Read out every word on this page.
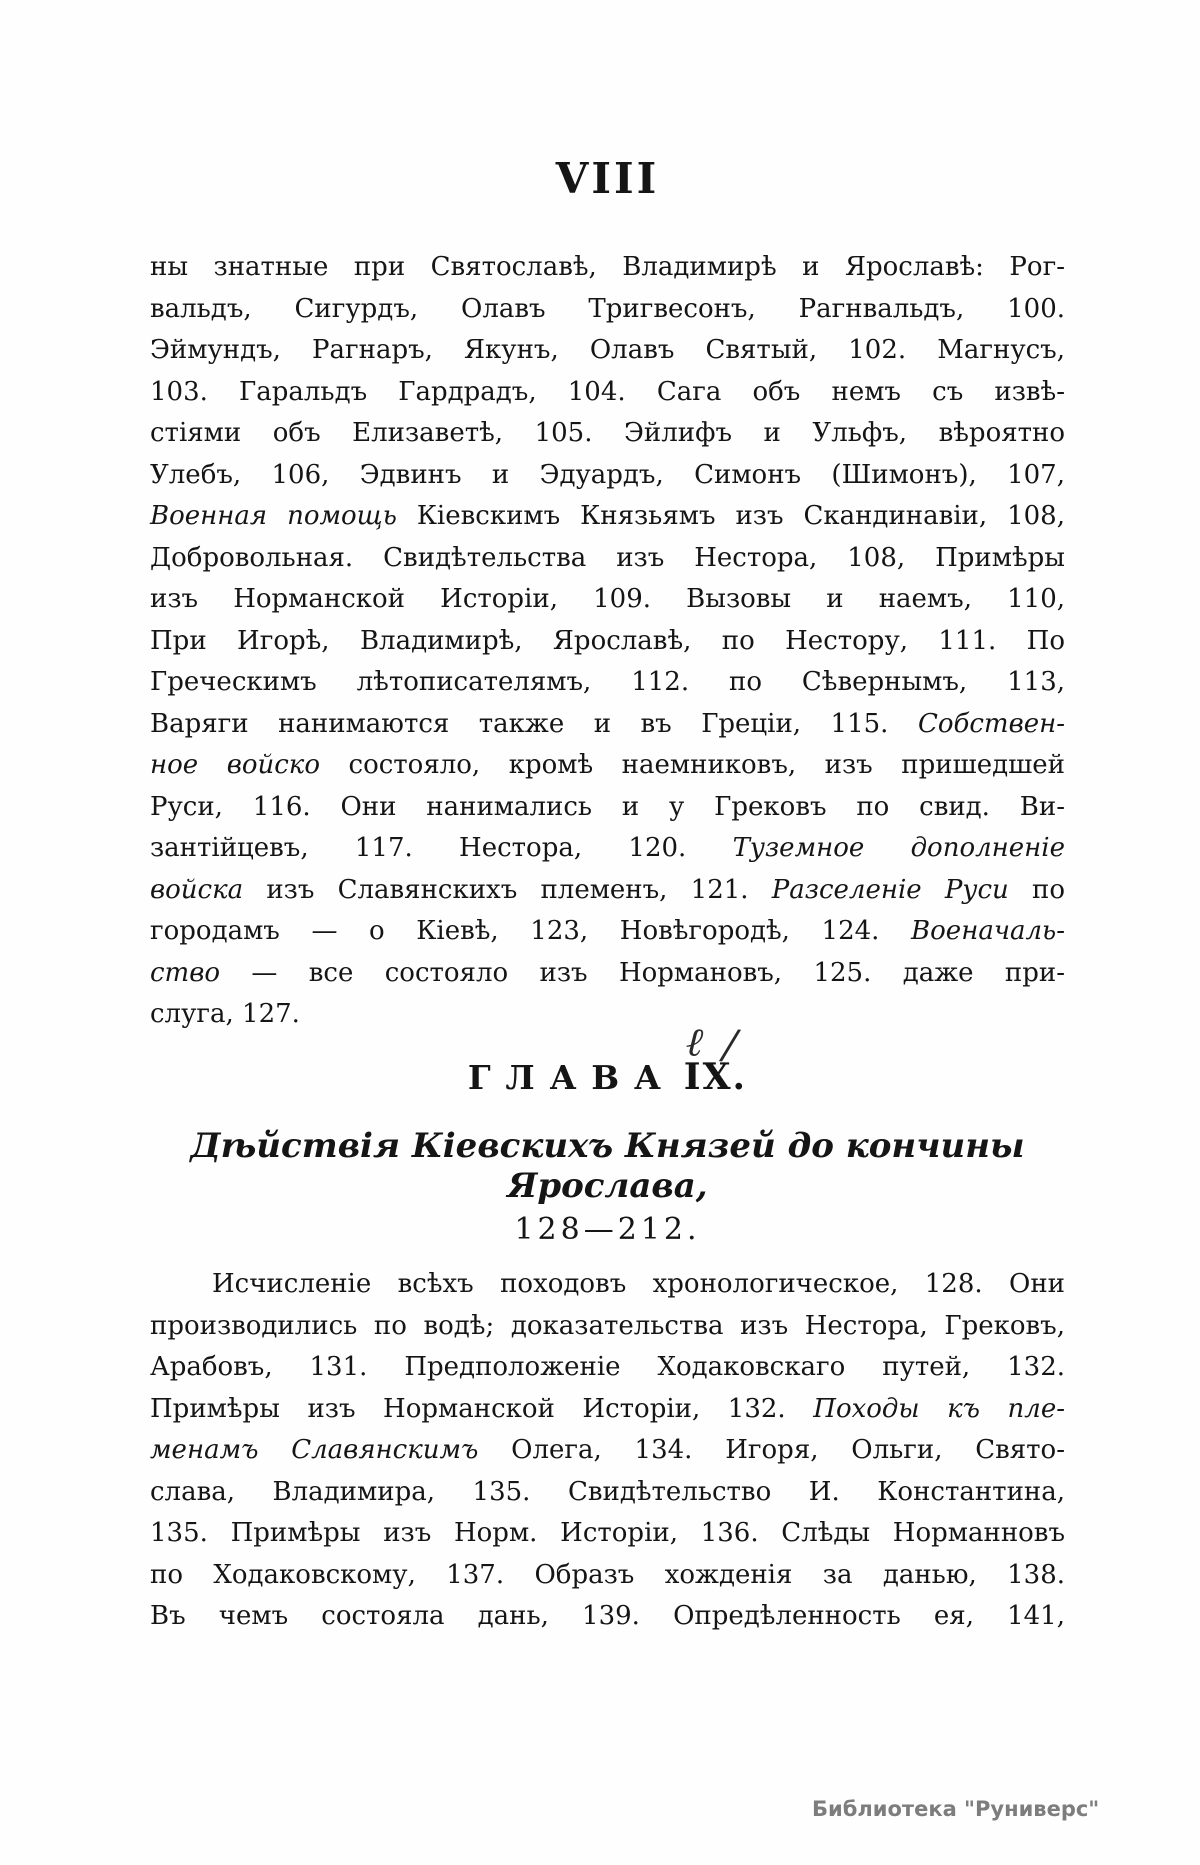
VIII
ны знатные при Святославѣ, Владимирѣ и Ярославѣ: Рог-
вальдъ, Сигурдъ, Олавъ Тригвесонъ, Рагнвальдъ, 100.
Эймундъ, Рагнаръ, Якунъ, Олавъ Святый, 102. Магнусъ,
103. Гаральдъ Гардрадъ, 104. Сага объ немъ съ извѣ-
стіями объ Елизаветѣ, 105. Эйлифъ и Ульфъ, вѣроятно
Улебъ, 106, Эдвинъ и Эдуардъ, Симонъ (Шимонъ), 107,
Военная помощь Кіевскимъ Князьямъ изъ Скандинавіи, 108,
Добровольная. Свидѣтельства изъ Нестора, 108, Примѣры
изъ Норманской Исторіи, 109. Вызовы и наемъ, 110,
При Игорѣ, Владимирѣ, Ярославѣ, по Нестору, 111. По
Греческимъ лѣтописателямъ, 112. по Сѣвернымъ, 113,
Варяги нанимаются также и въ Греціи, 115. Собствен-
ное войско состояло, кромѣ наемниковъ, изъ пришедшей
Руси, 116. Они нанимались и у Грековъ по свид. Ви-
зантійцевъ, 117. Нестора, 120. Туземное дополненіе
войска изъ Славянскихъ племенъ, 121. Разселеніе Руси по
городамъ — о Кіевѣ, 123, Новѣгородѣ, 124. Военачаль-
ство — все состояло изъ Нормановъ, 125. даже при-
слуга, 127.
ГЛАВА IX.
ℓ /
Дѣйствія Кіевскихъ Князей до кончины Ярослава,
128—212.
Исчисленіе всѣхъ походовъ хронологическое, 128. Они
производились по водѣ; доказательства изъ Нестора, Грековъ,
Арабовъ, 131. Предположеніе Ходаковскаго путей, 132.
Примѣры изъ Норманской Исторіи, 132. Походы къ пле-
менамъ Славянскимъ Олега, 134. Игоря, Ольги, Свято-
слава, Владимира, 135. Свидѣтельство И. Константина,
135. Примѣры изъ Норм. Исторіи, 136. Слѣды Норманновъ
по Ходаковскому, 137. Образъ хожденія за данью, 138.
Въ чемъ состояла дань, 139. Опредѣленность ея, 141,
Библиотека "Руниверс"
